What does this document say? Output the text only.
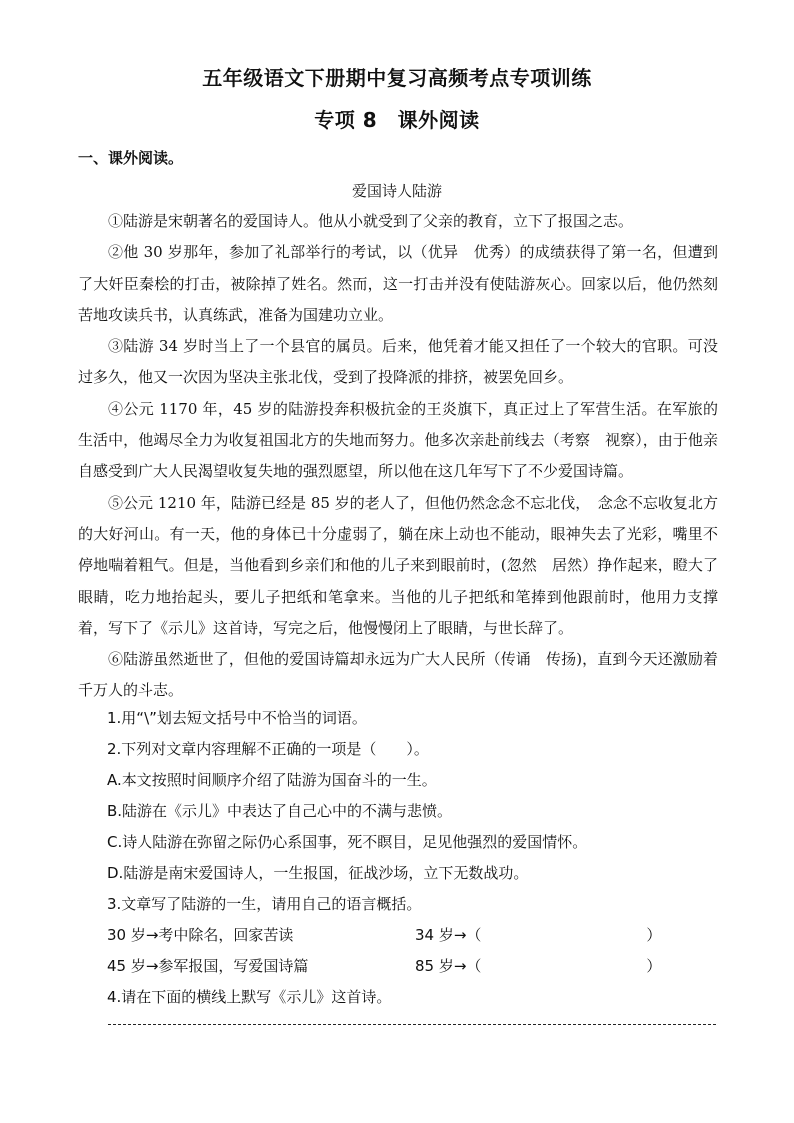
五年级语文下册期中复习高频考点专项训练
专项 8　课外阅读
一、课外阅读。
爱国诗人陆游

①陆游是宋朝著名的爱国诗人。他从小就受到了父亲的教育，立下了报国之志。

②他 30 岁那年，参加了礼部举行的考试，以（优异　优秀）的成绩获得了第一名，但遭到了大奸臣秦桧的打击，被除掉了姓名。然而，这一打击并没有使陆游灰心。回家以后，他仍然刻苦地攻读兵书，认真练武，准备为国建功立业。

③陆游 34 岁时当上了一个县官的属员。后来，他凭着才能又担任了一个较大的官职。可没过多久，他又一次因为坚决主张北伐，受到了投降派的排挤，被罢免回乡。

④公元 1170 年，45 岁的陆游投奔积极抗金的王炎旗下，真正过上了军营生活。在军旅的生活中，他竭尽全力为收复祖国北方的失地而努力。他多次亲赴前线去（考察　视察），由于他亲自感受到广大人民渴望收复失地的强烈愿望，所以他在这几年写下了不少爱国诗篇。

⑤公元 1210 年，陆游已经是 85 岁的老人了，但他仍然念念不忘北伐，　念念不忘收复北方的大好河山。有一天，他的身体已十分虚弱了，躺在床上动也不能动，眼神失去了光彩，嘴里不停地喘着粗气。但是，当他看到乡亲们和他的儿子来到眼前时，(忽然　居然）挣作起来，瞪大了眼睛，吃力地抬起头，要儿子把纸和笔拿来。当他的儿子把纸和笔捧到他跟前时，他用力支撑着，写下了《示儿》这首诗，写完之后，他慢慢闭上了眼睛，与世长辞了。

⑥陆游虽然逝世了，但他的爱国诗篇却永远为广大人民所（传诵　传扬)，直到今天还激励着千万人的斗志。

1.用“\”划去短文括号中不恰当的词语。

2.下列对文章内容理解不正确的一项是（　　）。

A.本文按照时间顺序介绍了陆游为国奋斗的一生。

B.陆游在《示儿》中表达了自己心中的不满与悲愤。

C.诗人陆游在弥留之际仍心系国事，死不瞑目，足见他强烈的爱国情怀。

D.陆游是南宋爱国诗人，一生报国，征战沙场，立下无数战功。

3.文章写了陆游的一生，请用自己的语言概括。

30 岁→考中除名，回家苦读	34 岁→（　　　　　　　　　　　）
45 岁→参军报国，写爱国诗篇	85 岁→（　　　　　　　　　　　）

4.请在下面的横线上默写《示儿》这首诗。
